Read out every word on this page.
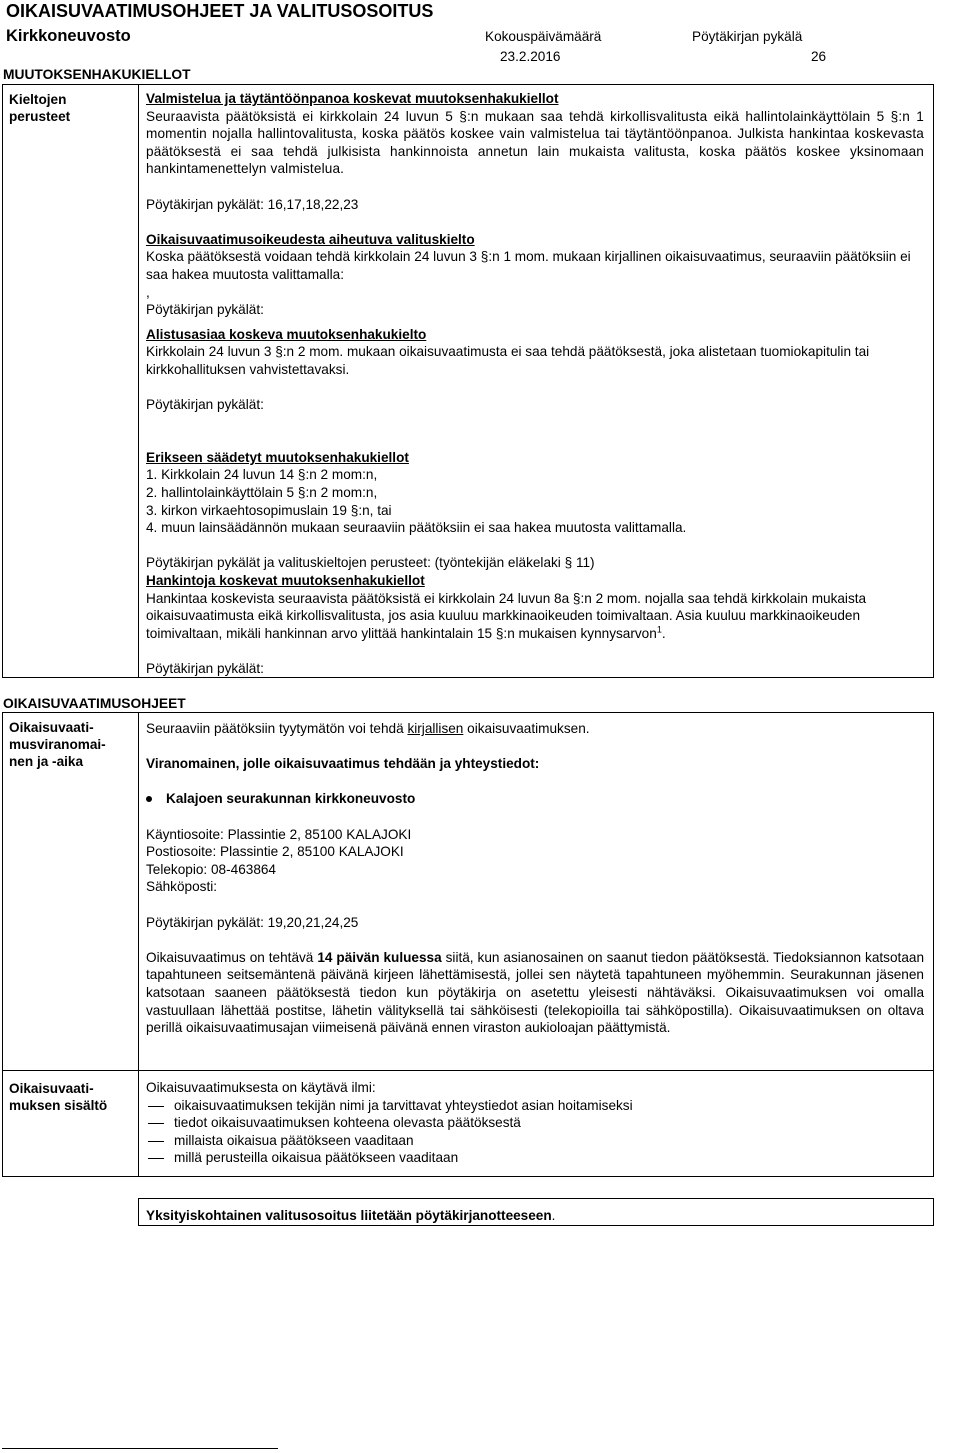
OIKAISUVAATIMUSOHJEET JA VALITUSOSOITUS
Kirkkoneuvosto	Kokouspäivämäärä	Pöytäkirjan pykälä
23.2.2016	26
MUUTOKSENHAKUKIELLOT
Kieltojen
perusteet

Valmistelua ja täytäntöönpanoa koskevat muutoksenhakukiellot

Seuraavista päätöksistä ei kirkkolain 24 luvun 5 §:n mukaan saa tehdä kirkollisvalitusta eikä hallintolainkäyttölain 5 §:n 1 momentin nojalla hallintovalitusta, koska päätös koskee vain valmistelua tai täytäntöönpanoa. Julkista hankintaa koskevasta päätöksestä ei saa tehdä julkisista hankinnoista annetun lain mukaista valitusta, koska päätös koskee yksinomaan hankintamenettelyn valmistelua.

Pöytäkirjan pykälät: 16,17,18,22,23

Oikaisuvaatimusoikeudesta aiheutuva valituskielto

Koska päätöksestä voidaan tehdä kirkkolain 24 luvun 3 §:n 1 mom. mukaan kirjallinen oikaisuvaatimus, seuraaviin päätöksiin ei saa hakea muutosta valittamalla:

,

Pöytäkirjan pykälät:

Alistusasiaa koskeva muutoksenhakukielto

Kirkkolain 24 luvun 3 §:n 2 mom. mukaan oikaisuvaatimusta ei saa tehdä päätöksestä, joka alistetaan tuomiokapitulin tai kirkkohallituksen vahvistettavaksi.

Pöytäkirjan pykälät:

Erikseen säädetyt muutoksenhakukiellot

1. Kirkkolain 24 luvun 14 §:n 2 mom:n,

2. hallintolainkäyttölain 5 §:n 2 mom:n,

3. kirkon virkaehtosopimuslain 19 §:n, tai

4. muun lainsäädännön mukaan seuraaviin päätöksiin ei saa hakea muutosta valittamalla.

Pöytäkirjan pykälät ja valituskieltojen perusteet: (työntekijän eläkelaki § 11)

Hankintoja koskevat muutoksenhakukiellot

Hankintaa koskevista seuraavista päätöksistä ei kirkkolain 24 luvun 8a §:n 2 mom. nojalla saa tehdä kirkkolain mukaista oikaisuvaatimusta eikä kirkollisvalitusta, jos asia kuuluu markkinaoikeuden toimivaltaan. Asia kuuluu markkinaoikeuden toimivaltaan, mikäli hankinnan arvo ylittää hankintalain 15 §:n mukaisen kynnysarvon$^1$.

Pöytäkirjan pykälät:

OIKAISUVAATIMUSOHJEET
Oikaisuvaati-
musviranomai-
nen ja -aika

Seuraaviin päätöksiin tyytymätön voi tehdä kirjallisen oikaisuvaatimuksen.

Viranomainen, jolle oikaisuvaatimus tehdään ja yhteystiedot:

Kalajoen seurakunnan kirkkoneuvosto

Käyntiosoite: Plassintie 2, 85100 KALAJOKI

Postiosoite: Plassintie 2, 85100 KALAJOKI

Telekopio: 08-463864

Sähköposti:

Pöytäkirjan pykälät: 19,20,21,24,25

Oikaisuvaatimus on tehtävä 14 päivän kuluessa siitä, kun asianosainen on saanut tiedon päätöksestä. Tiedoksiannon katsotaan tapahtuneen seitsemäntenä päivänä kirjeen lähettämisestä, jollei sen näytetä tapahtuneen myöhemmin. Seurakunnan jäsenen katsotaan saaneen päätöksestä tiedon kun pöytäkirja on asetettu yleisesti nähtäväksi. Oikaisuvaatimuksen voi omalla vastuullaan lähettää postitse, lähetin välityksellä tai sähköisesti (telekopioilla tai sähköpostilla). Oikaisuvaatimuksen on oltava perillä oikaisuvaatimusajan viimeisenä päivänä ennen viraston aukioloajan päättymistä.

Oikaisuvaati-
muksen sisältö

Oikaisuvaatimuksesta on käytävä ilmi:

oikaisuvaatimuksen tekijän nimi ja tarvittavat yhteystiedot asian hoitamiseksi
tiedot oikaisuvaatimuksen kohteena olevasta päätöksestä
millaista oikaisua päätökseen vaaditaan
millä perusteilla oikaisua päätökseen vaaditaan
Yksityiskohtainen valitusosoitus liitetään pöytäkirjanotteeseen.
